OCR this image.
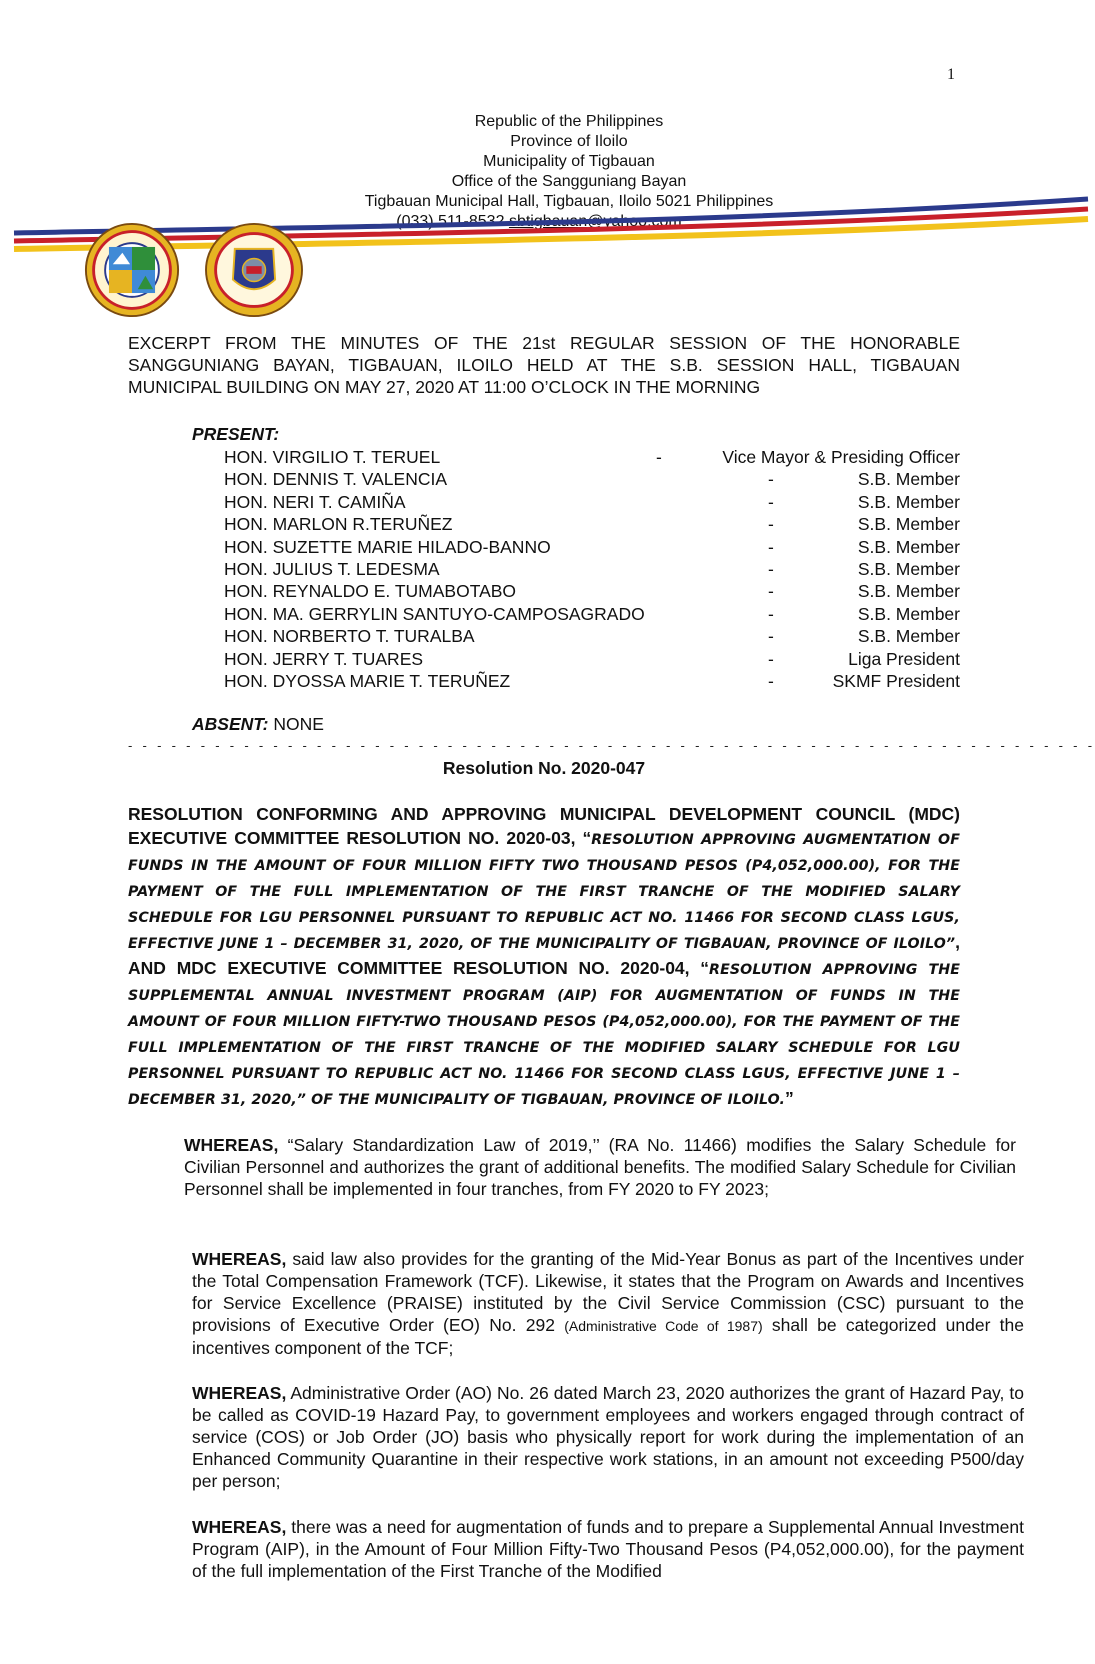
1
Republic of the Philippines
Province of Iloilo
Municipality of Tigbauan
Office of the Sangguniang Bayan
Tigbauan Municipal Hall, Tigbauan, Iloilo 5021 Philippines
(033) 511-8532 sbtigbauan@yahoo.com
EXCERPT FROM THE MINUTES OF THE 21st REGULAR SESSION OF THE HONORABLE SANGGUNIANG BAYAN, TIGBAUAN, ILOILO HELD AT THE S.B. SESSION HALL, TIGBAUAN MUNICIPAL BUILDING ON MAY 27, 2020 AT 11:00 O’CLOCK IN THE MORNING
PRESENT:
HON. VIRGILIO T. TERUEL	-	Vice Mayor & Presiding Officer
HON. DENNIS T. VALENCIA	-	S.B. Member
HON. NERI T. CAMIÑA	-	S.B. Member
HON. MARLON R.TERUÑEZ	-	S.B. Member
HON. SUZETTE MARIE HILADO-BANNO	-	S.B. Member
HON. JULIUS T. LEDESMA	-	S.B. Member
HON. REYNALDO E. TUMABOTABO	-	S.B. Member
HON. MA. GERRYLIN SANTUYO-CAMPOSAGRADO	-	S.B. Member
HON. NORBERTO T. TURALBA	-	S.B. Member
HON. JERRY T. TUARES	-	Liga President
HON. DYOSSA MARIE T. TERUÑEZ	-	SKMF President
ABSENT: NONE
- - - - - - - - - - - - - - - - - - - - - - - - - - - - - - - - - - - - - - - - - - - - - - - - - - - - - - - - - - - - - - - - - - -
Resolution No. 2020-047
RESOLUTION CONFORMING AND APPROVING MUNICIPAL DEVELOPMENT COUNCIL (MDC) EXECUTIVE COMMITTEE RESOLUTION NO. 2020-03, “RESOLUTION APPROVING AUGMENTATION OF FUNDS IN THE AMOUNT OF FOUR MILLION FIFTY TWO THOUSAND PESOS (P4,052,000.00), FOR THE PAYMENT OF THE FULL IMPLEMENTATION OF THE FIRST TRANCHE OF THE MODIFIED SALARY SCHEDULE FOR LGU PERSONNEL PURSUANT TO REPUBLIC ACT NO. 11466 FOR SECOND CLASS LGUS, EFFECTIVE JUNE 1 – DECEMBER 31, 2020, OF THE MUNICIPALITY OF TIGBAUAN, PROVINCE OF ILOILO”, AND MDC EXECUTIVE COMMITTEE RESOLUTION NO. 2020-04, “RESOLUTION APPROVING THE SUPPLEMENTAL ANNUAL INVESTMENT PROGRAM (AIP) FOR AUGMENTATION OF FUNDS IN THE AMOUNT OF FOUR MILLION FIFTY-TWO THOUSAND PESOS (P4,052,000.00), FOR THE PAYMENT OF THE FULL IMPLEMENTATION OF THE FIRST TRANCHE OF THE MODIFIED SALARY SCHEDULE FOR LGU PERSONNEL PURSUANT TO REPUBLIC ACT NO. 11466 FOR SECOND CLASS LGUS, EFFECTIVE JUNE 1 – DECEMBER 31, 2020,” OF THE MUNICIPALITY OF TIGBAUAN, PROVINCE OF ILOILO.”
WHEREAS, “Salary Standardization Law of 2019,’’ (RA No. 11466) modifies the Salary Schedule for Civilian Personnel and authorizes the grant of additional benefits. The modified Salary Schedule for Civilian Personnel shall be implemented in four tranches, from FY 2020 to FY 2023;
WHEREAS, said law also provides for the granting of the Mid-Year Bonus as part of the Incentives under the Total Compensation Framework (TCF). Likewise, it states that the Program on Awards and Incentives for Service Excellence (PRAISE) instituted by the Civil Service Commission (CSC) pursuant to the provisions of Executive Order (EO) No. 292 (Administrative Code of 1987) shall be categorized under the incentives component of the TCF;
WHEREAS, Administrative Order (AO) No. 26 dated March 23, 2020 authorizes the grant of Hazard Pay, to be called as COVID-19 Hazard Pay, to government employees and workers engaged through contract of service (COS) or Job Order (JO) basis who physically report for work during the implementation of an Enhanced Community Quarantine in their respective work stations, in an amount not exceeding P500/day per person;
WHEREAS, there was a need for augmentation of funds and to prepare a Supplemental Annual Investment Program (AIP), in the Amount of Four Million Fifty-Two Thousand Pesos (P4,052,000.00), for the payment of the full implementation of the First Tranche of the Modified
